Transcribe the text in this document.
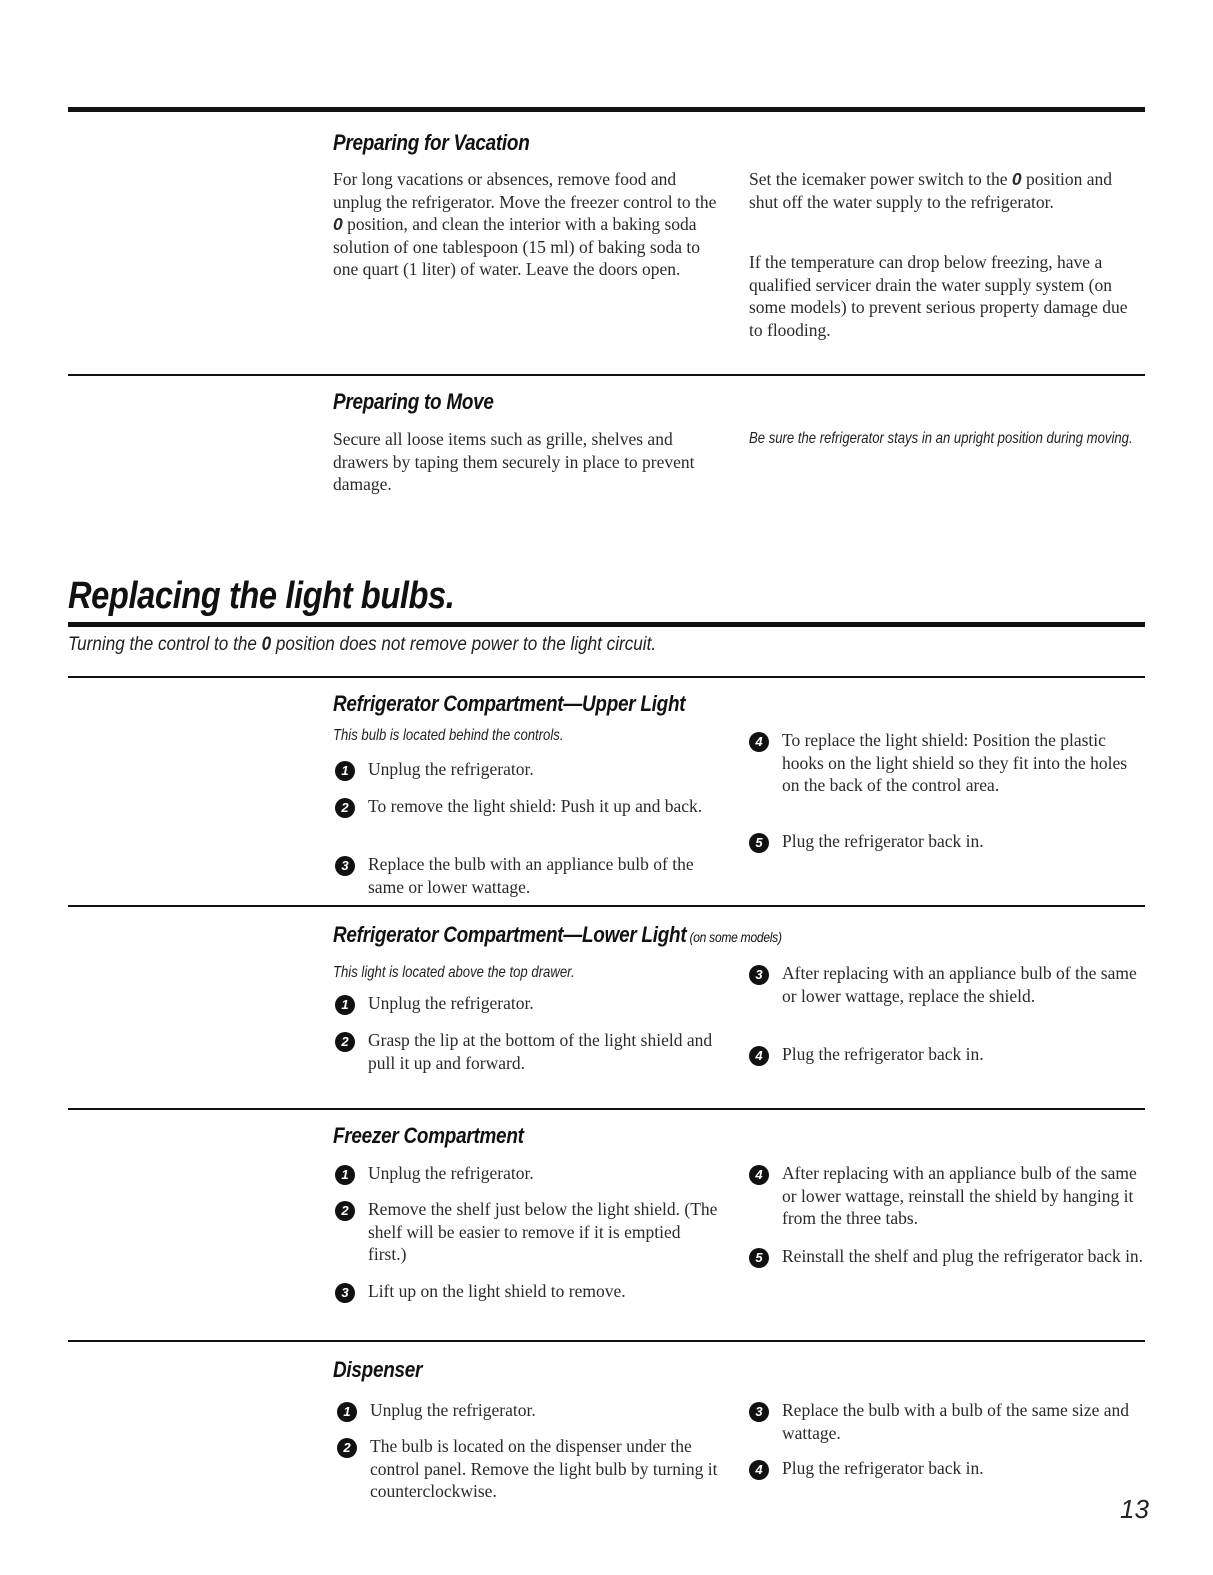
Preparing for Vacation
For long vacations or absences, remove food and unplug the refrigerator. Move the freezer control to the 0 position, and clean the interior with a baking soda solution of one tablespoon (15 ml) of baking soda to one quart (1 liter) of water. Leave the doors open.
Set the icemaker power switch to the 0 position and shut off the water supply to the refrigerator.
If the temperature can drop below freezing, have a qualified servicer drain the water supply system (on some models) to prevent serious property damage due to flooding.
Preparing to Move
Secure all loose items such as grille, shelves and drawers by taping them securely in place to prevent damage.
Be sure the refrigerator stays in an upright position during moving.
Replacing the light bulbs.
Turning the control to the 0 position does not remove power to the light circuit.
Refrigerator Compartment—Upper Light
This bulb is located behind the controls.
1	Unplug the refrigerator.
2	To remove the light shield: Push it up and back.
3	Replace the bulb with an appliance bulb of the same or lower wattage.
4	To replace the light shield: Position the plastic hooks on the light shield so they fit into the holes on the back of the control area.
5	Plug the refrigerator back in.
Refrigerator Compartment—Lower Light (on some models)
This light is located above the top drawer.
1	Unplug the refrigerator.
2	Grasp the lip at the bottom of the light shield and pull it up and forward.
3	After replacing with an appliance bulb of the same or lower wattage, replace the shield.
4	Plug the refrigerator back in.
Freezer Compartment
1	Unplug the refrigerator.
2	Remove the shelf just below the light shield. (The shelf will be easier to remove if it is emptied first.)
3	Lift up on the light shield to remove.
4	After replacing with an appliance bulb of the same or lower wattage, reinstall the shield by hanging it from the three tabs.
5	Reinstall the shelf and plug the refrigerator back in.
Dispenser
1	Unplug the refrigerator.
2	The bulb is located on the dispenser under the control panel. Remove the light bulb by turning it counterclockwise.
3	Replace the bulb with a bulb of the same size and wattage.
4	Plug the refrigerator back in.
13
